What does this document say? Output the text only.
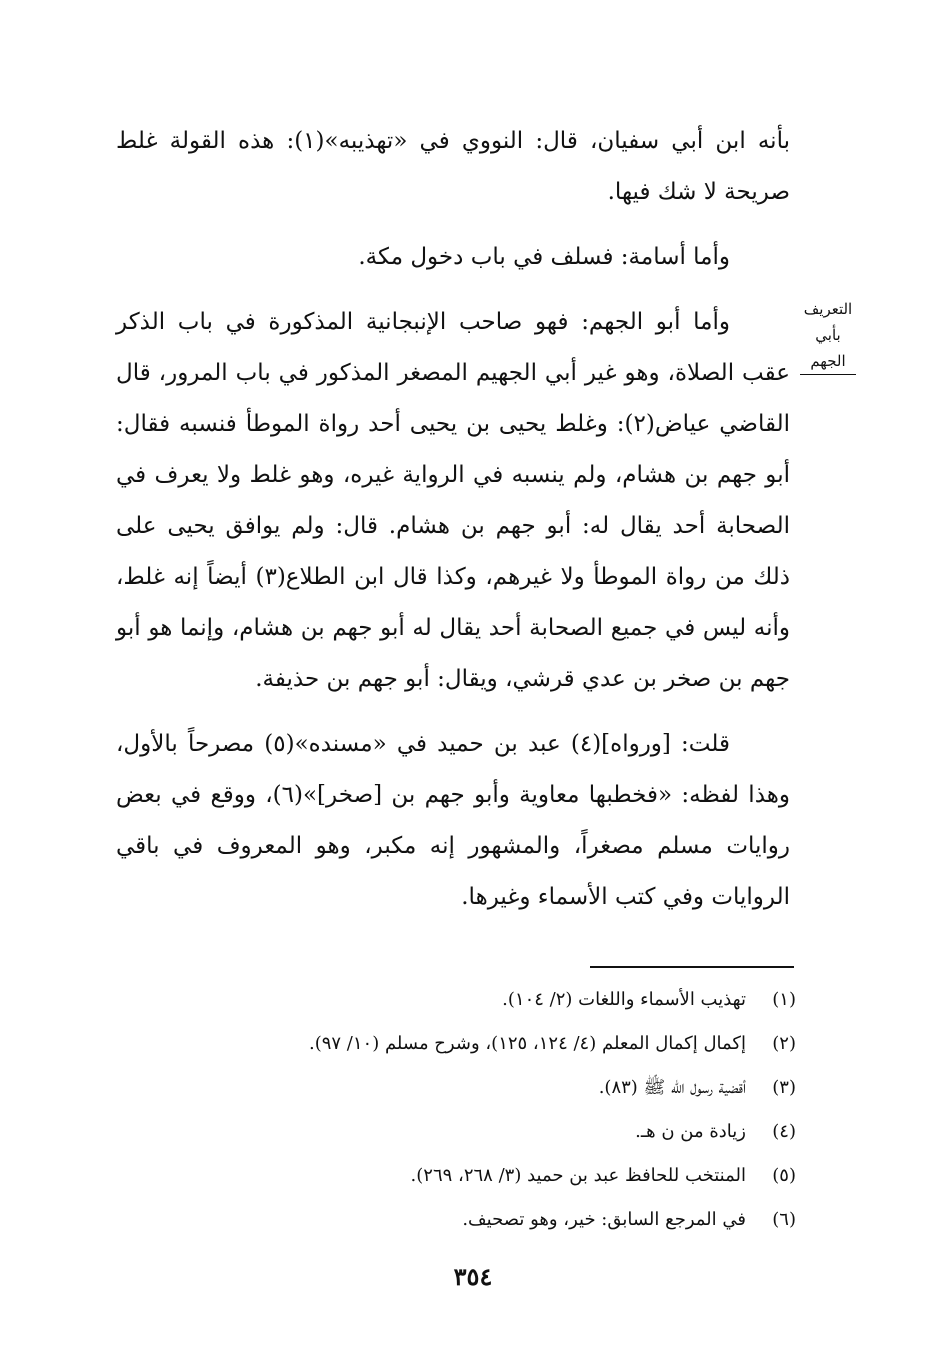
التعريف بأبي الجهم

بأنه ابن أبي سفيان، قال: النووي في «تهذيبه»(١): هذه القولة غلط صريحة لا شك فيها.

وأما أسامة: فسلف في باب دخول مكة.

وأما أبو الجهم: فهو صاحب الإنبجانية المذكورة في باب الذكر عقب الصلاة، وهو غير أبي الجهيم المصغر المذكور في باب المرور، قال القاضي عياض(٢): وغلط يحيى بن يحيى أحد رواة الموطأ فنسبه فقال: أبو جهم بن هشام، ولم ينسبه في الرواية غيره، وهو غلط ولا يعرف في الصحابة أحد يقال له: أبو جهم بن هشام. قال: ولم يوافق يحيى على ذلك من رواة الموطأ ولا غيرهم، وكذا قال ابن الطلاع(٣) أيضاً إنه غلط، وأنه ليس في جميع الصحابة أحد يقال له أبو جهم بن هشام، وإنما هو أبو جهم بن صخر بن عدي قرشي، ويقال: أبو جهم بن حذيفة.

قلت: [ورواه](٤) عبد بن حميد في «مسنده»(٥) مصرحاً بالأول، وهذا لفظه: «فخطبها معاوية وأبو جهم بن [صخر]»(٦)، ووقع في بعض روايات مسلم مصغراً، والمشهور إنه مكبر، وهو المعروف في باقي الروايات وفي كتب الأسماء وغيرها.

(١)
تهذيب الأسماء واللغات (٢/ ١٠٤).
(٢)
إكمال إكمال المعلم (٤/ ١٢٤، ١٢٥)، وشرح مسلم (١٠/ ٩٧).
(٣)
أقضية رسول الله ﷺ (٨٣).
(٤)
زيادة من ن هـ.
(٥)
المنتخب للحافظ عبد بن حميد (٣/ ٢٦٨، ٢٦٩).
(٦)
في المرجع السابق: خير، وهو تصحيف.
٣٥٤
